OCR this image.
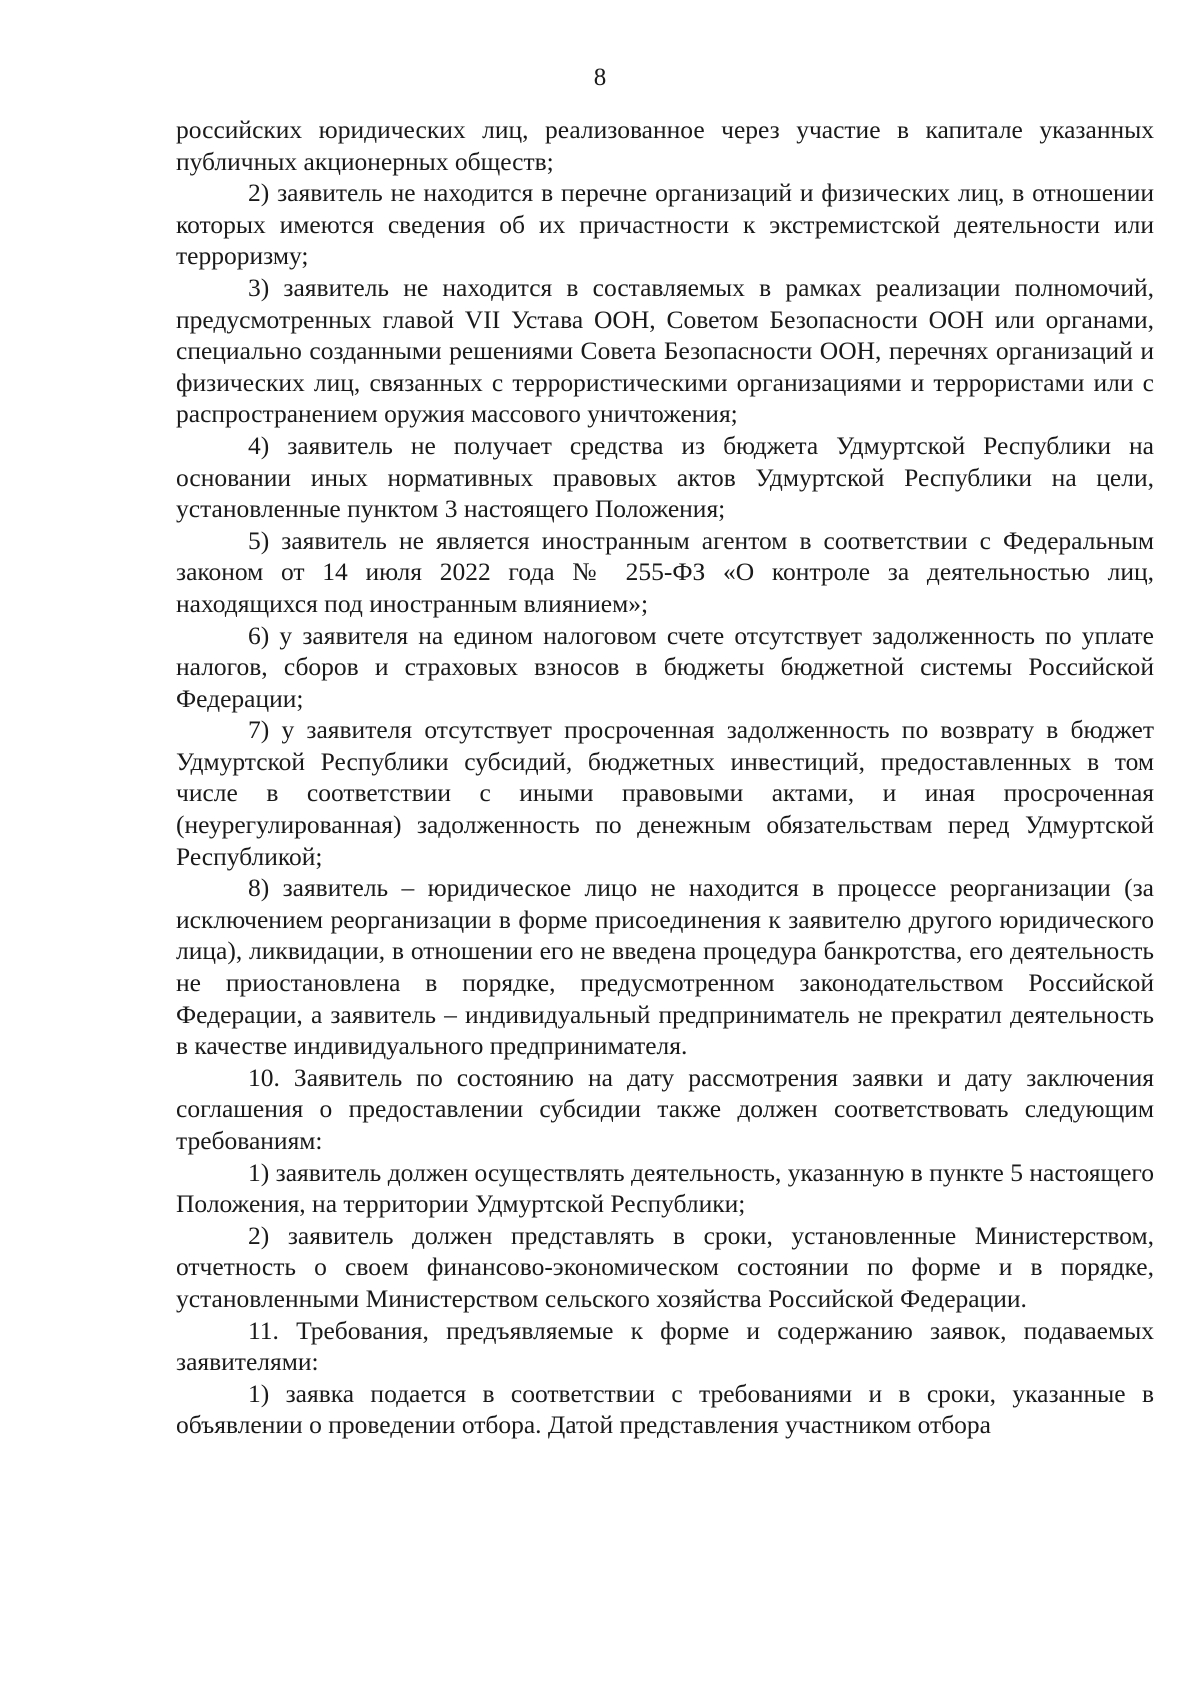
8

российских юридических лиц, реализованное через участие в капитале указанных публичных акционерных обществ;

2) заявитель не находится в перечне организаций и физических лиц, в отношении которых имеются сведения об их причастности к экстремистской деятельности или терроризму;

3) заявитель не находится в составляемых в рамках реализации полномочий, предусмотренных главой VII Устава ООН, Советом Безопасности ООН или органами, специально созданными решениями Совета Безопасности ООН, перечнях организаций и физических лиц, связанных с террористическими организациями и террористами или с распространением оружия массового уничтожения;

4) заявитель не получает средства из бюджета Удмуртской Республики на основании иных нормативных правовых актов Удмуртской Республики на цели, установленные пунктом 3 настоящего Положения;

5) заявитель не является иностранным агентом в соответствии с Федеральным законом от 14 июля 2022 года № 255-ФЗ «О контроле за деятельностью лиц, находящихся под иностранным влиянием»;

6) у заявителя на едином налоговом счете отсутствует задолженность по уплате налогов, сборов и страховых взносов в бюджеты бюджетной системы Российской Федерации;

7) у заявителя отсутствует просроченная задолженность по возврату в бюджет Удмуртской Республики субсидий, бюджетных инвестиций, предоставленных в том числе в соответствии с иными правовыми актами, и иная просроченная (неурегулированная) задолженность по денежным обязательствам перед Удмуртской Республикой;

8) заявитель – юридическое лицо не находится в процессе реорганизации (за исключением реорганизации в форме присоединения к заявителю другого юридического лица), ликвидации, в отношении его не введена процедура банкротства, его деятельность не приостановлена в порядке, предусмотренном законодательством Российской Федерации, а заявитель – индивидуальный предприниматель не прекратил деятельность в качестве индивидуального предпринимателя.

10. Заявитель по состоянию на дату рассмотрения заявки и дату заключения соглашения о предоставлении субсидии также должен соответствовать следующим требованиям:

1) заявитель должен осуществлять деятельность, указанную в пункте 5 настоящего Положения, на территории Удмуртской Республики;

2) заявитель должен представлять в сроки, установленные Министерством, отчетность о своем финансово-экономическом состоянии по форме и в порядке, установленными Министерством сельского хозяйства Российской Федерации.

11. Требования, предъявляемые к форме и содержанию заявок, подаваемых заявителями:

1) заявка подается в соответствии с требованиями и в сроки, указанные в объявлении о проведении отбора. Датой представления участником отбора
